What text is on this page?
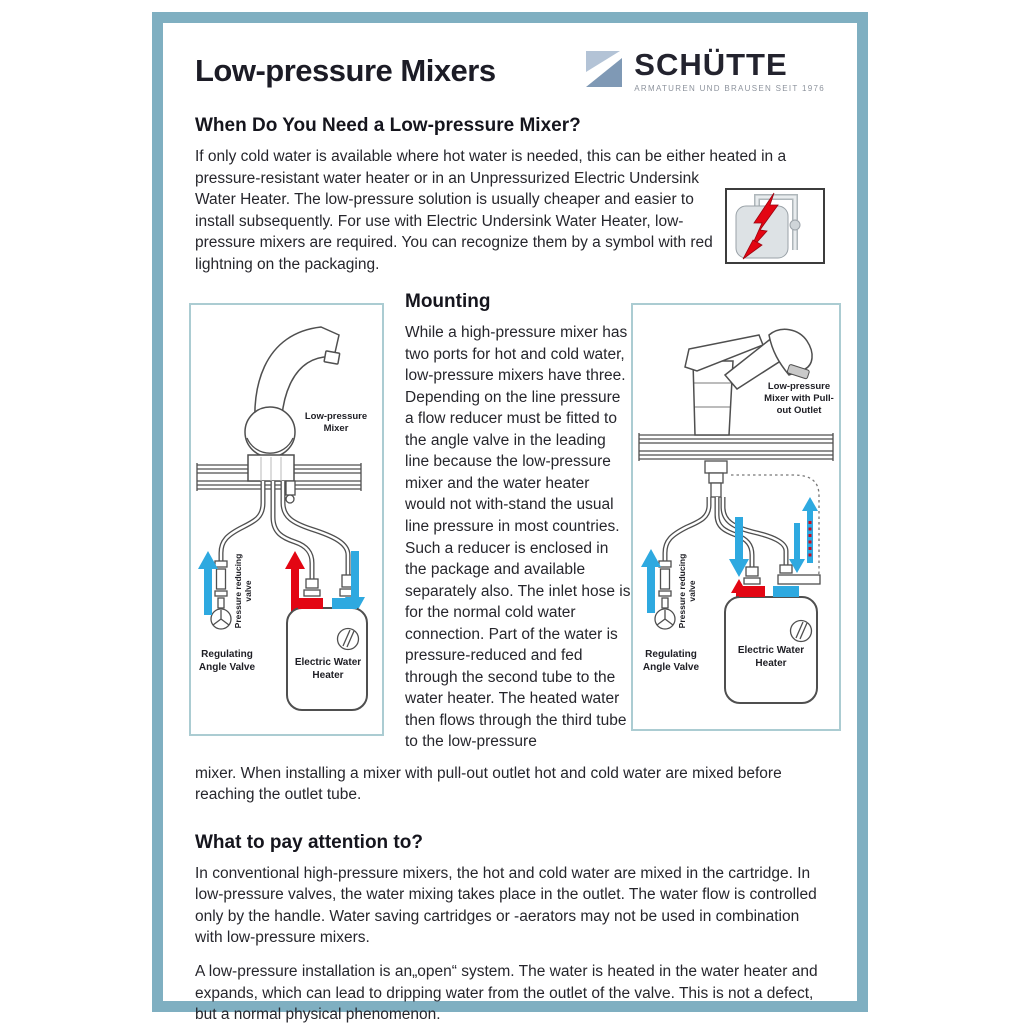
Low-pressure Mixers	SCHÜTTE
ARMATUREN UND BRAUSEN SEIT 1976
When Do You Need a Low-pressure Mixer?

If only cold water is available where hot water is needed, this can be either heated in a pressure-resistant water heater or in an Unpressurized Electric Undersink Water Heater. The low-pressure solution is usually cheaper and easier to install subsequently. For use with Electric Undersink Water Heater, low-pressure mixers are required. You can recognize them by a symbol with red lightning on the packaging.

Low-pressure Mixer
Pressure reducing valve
Regulating Angle Valve	Electric Water Heater
Mounting

While a high-pressure mixer has two ports for hot and cold water, low-pressure mixers have three. Depending on the line pressure a flow reducer must be fitted to the angle valve in the leading line because the low-pressure mixer and the water heater would not with-stand the usual line pressure in most countries. Such a reducer is enclosed in the package and available separately also. The inlet hose is for the normal cold water connection. Part of the water is pressure-reduced and fed through the second tube to the water heater. The heated water then flows through the third tube to the low-pressure

Low-pressure Mixer with Pull-out Outlet
Pressure reducing valve
Regulating Angle Valve
Electric Water Heater

mixer. When installing a mixer with pull-out outlet hot and cold water are mixed before reaching the outlet tube.

What to pay attention to?

In conventional high-pressure mixers, the hot and cold water are mixed in the cartridge. In low-pressure valves, the water mixing takes place in the outlet. The water flow is controlled only by the handle. Water saving cartridges or -aerators may not be used in combination with low-pressure mixers.

A low-pressure installation is an„open“ system. The water is heated in the water heater and expands, which can lead to dripping water from the outlet of the valve. This is not a defect, but a normal physical phenomenon.
